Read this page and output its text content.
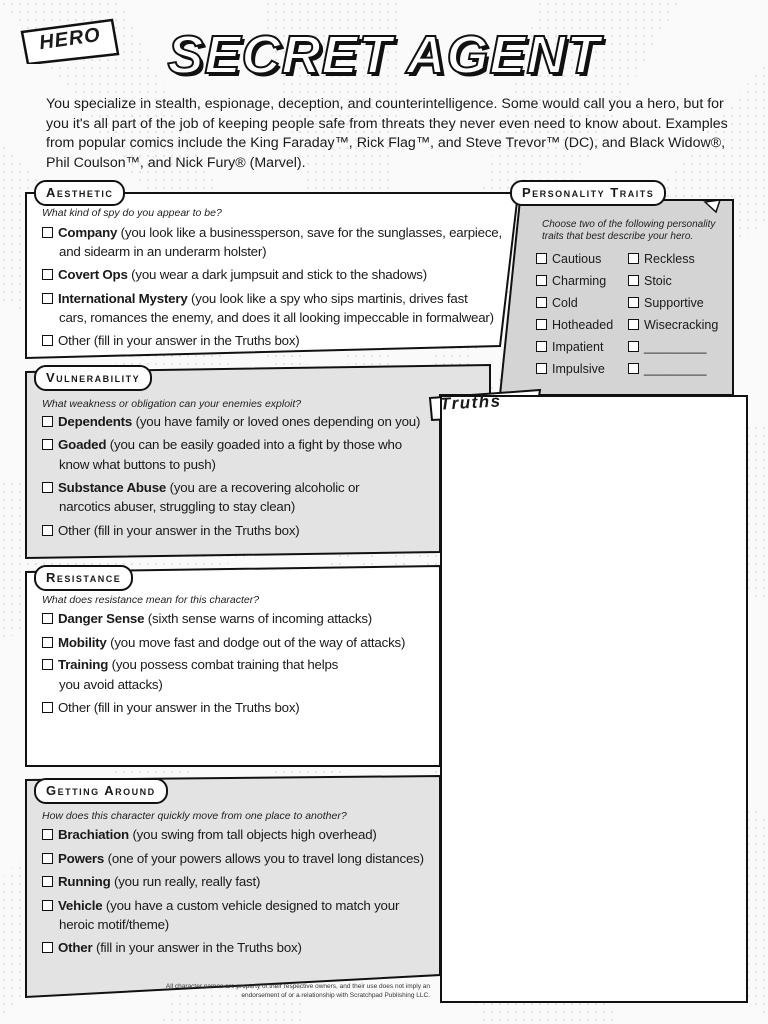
HERO	SECRET AGENT
You specialize in stealth, espionage, deception, and counterintelligence. Some would call you a hero, but for you it's all part of the job of keeping people safe from threats they never even need to know about. Examples from popular comics include the King Faraday™, Rick Flag™, and Steve Trevor™ (DC), and Black Widow®, Phil Coulson™, and Nick Fury® (Marvel).
Aesthetic
What kind of spy do you appear to be?
Company (you look like a businessperson, save for the sunglasses, earpiece,
and sidearm in an underarm holster)
Covert Ops (you wear a dark jumpsuit and stick to the shadows)
International Mystery (you look like a spy who sips martinis, drives fast
cars, romances the enemy, and does it all looking impeccable in formalwear)
Other (fill in your answer in the Truths box)
Personality Traits
Choose two of the following personality traits that best describe your hero.
Cautious
Charming
Cold
Hotheaded
Impatient
Impulsive
Reckless
Stoic
Supportive
Wisecracking
_________
_________
Vulnerability
What weakness or obligation can your enemies exploit?
Dependents (you have family or loved ones depending on you)
Goaded (you can be easily goaded into a fight by those who
know what buttons to push)
Substance Abuse (you are a recovering alcoholic or
narcotics abuser, struggling to stay clean)
Other (fill in your answer in the Truths box)
Truths
Resistance
What does resistance mean for this character?
Danger Sense (sixth sense warns of incoming attacks)
Mobility (you move fast and dodge out of the way of attacks)
Training (you possess combat training that helps
you avoid attacks)
Other (fill in your answer in the Truths box)
Getting Around
How does this character quickly move from one place to another?
Brachiation (you swing from tall objects high overhead)
Powers (one of your powers allows you to travel long distances)
Running (you run really, really fast)
Vehicle (you have a custom vehicle designed to match your
heroic motif/theme)
Other (fill in your answer in the Truths box)
All character names are property of their respective owners, and their use does not imply an endorsement of or a relationship with Scratchpad Publishing LLC.
